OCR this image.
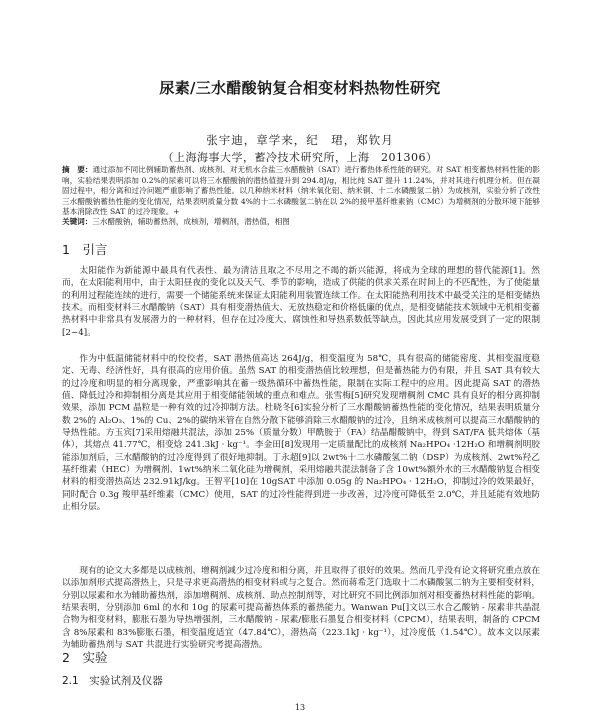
尿素/三水醋酸钠复合相变材料热物性研究
张宇迪，章学来，纪　珺，郑钦月
（上海海事大学，蓄冷技术研究所，上海　201306）
摘　要：通过添加不同比例辅助蓄热剂、成核剂、对无机水合盐三水醋酸钠（SAT）进行蓄热体系性能的研究。对 SAT 相变蓄热材料性能的影响，实验结果表明添加 0.2%的尿素可以将三水醋酸钠的潜热值提升到 294.8J/g，相比纯 SAT 提升 11.24%，并对其进行机理分析。但在凝固过程中，相分离和过冷问题严重影响了蓄热性能。以几种纳米材料（纳米氧化铝、纳米铜、十二水磷酸氢二钠）为成核剂，实验分析了改性三水醋酸钠蓄热性能的变化情况，结果表明质量分数 4%的十二水磷酸氢二钠在以 2%的接甲基纤维素钠（CMC）为增稠剂的分散环境下能够基本消除改性 SAT 的过冷现象。+
关键词：三水醋酸钠，辅助蓄热剂，成核剂，增稠剂，潜热值，相图
1　引言
太阳能作为新能源中最具有代表性、最为清洁且取之不尽用之不竭的新兴能源，将成为全球的理想的替代能源[1]。然而，在太阳能利用中，由于太阳昼夜的变化以及天气、季节的影响，造成了供能的供求关系在时间上的不匹配性，为了使能量的利用过程能连续的进行，需要一个储能系统来保证太阳能利用装置连续工作。在太阳能热利用技术中最受关注的是相变储热技术。而相变材料三水醋酸钠（SAT）具有相变潜热值大、无放热稳定和价格低廉的优点，是相变储能技术领域中无机相变蓄热材料中非常具有发展潜力的一种材料，但存在过冷度大、腐蚀性和导热系数低等缺点，因此其应用发展受到了一定的限制[2~4]。
作为中低温储能材料中的佼佼者，SAT 潜热值高达 264J/g，相变温度为 58℃，具有很高的储能密度、其相变温度稳定、无毒、经济性好，具有很高的应用价值。虽然 SAT 的相变潜热值比较理想，但是蓄热能力仍有限，并且 SAT 具有较大的过冷度和明显的相分离现象，严重影响其在蓄一级热循环中蓄热性能，限制在实际工程中的应用。因此提高 SAT 的潜热值、降低过冷和抑制相分离是其应用于相变储能领域的重点和难点。张雪梅[5]研究发现增稠剂 CMC 具有良好的相分离抑制效果，添加 PCM 晶粒是一种有效的过冷抑制方法。杜晓冬[6]实验分析了三水醋酸钠蓄热性能的变化情况，结果表明质量分数 2%的 Al₂O₃、1%的 Cu、2%的碳纳米管在自然分散下能够消除三水醋酸钠的过冷，且纳米成核剂可以提高三水醋酸钠的导热性能。方玉宾[7]采用熔融共混法，添加 25%（质量分数）甲酰胺于（FA）结晶醋酸钠中，得到 SAT/FA 低共熔体（基体），其熔点 41.77℃，相变焓 241.3kJ · kg⁻¹。李金田[8]发现用一定质量配比的成核剂 Na₂HPO₄ ·12H₂O 和增稠剂明胶能添加剂后，三水醋酸钠的过冷度得到了很好地抑制。丁永超[9]以 2wt%十二水磷酸氢二钠（DSP）为成核剂、2wt%羟乙基纤维素（HEC）为增稠剂、1wt%纳米二氧化硅为增稠剂，采用熔融共混法制备了含 10wt%额外水的三水醋酸钠复合相变材料的相变潜热高达 232.91kJ/kg。王智平[10]在 10gSAT 中添加 0.05g 的 Na₂HPO₄ · 12H₂O，抑制过冷的效果最好，同时配合 0.3g 羧甲基纤维素（CMC）使用，SAT 的过冷性能得到进一步改善，过冷度可降低至 2.0℃，并且延能有效地防止相分层。
现有的论文大多都是以成核剂、增稠剂减少过冷度和相分离，并且取得了很好的效果。然而几乎没有论文将研究重点放在以添加剂形式提高潜热上，只是寻求更高潜热的相变材料或与之复合。然而蒋希芝门选取十二水磷酸氢二钠为主要相变材料，分别以尿素和水为辅助蓄热剂，添加增稠剂、成核剂、助点控制剂等，对比研究不同比例添加剂对相变蓄热材料性能的影响。结果表明，分别添加 6ml 的水和 10g 的尿素可提高蓄热体系的蓄热能力。Wanwan Pu[]文以三水合乙酸钠 - 尿素非共晶混合物为相变材料，膨胀石墨为导热增强剂，三水醋酸钠 - 尿素/膨胀石墨复合相变材料（CPCM），结果表明，制备的 CPCM 含 8%尿素和 83%膨胀石墨，相变温度适宜（47.84℃），潜热高（223.1kJ · kg⁻¹），过冷度低（1.54℃）。故本文以尿素为辅助蓄热剂与 SAT 共混进行实验研究考提高潜热。
2　实验
2.1　实验试剂及仪器
13
